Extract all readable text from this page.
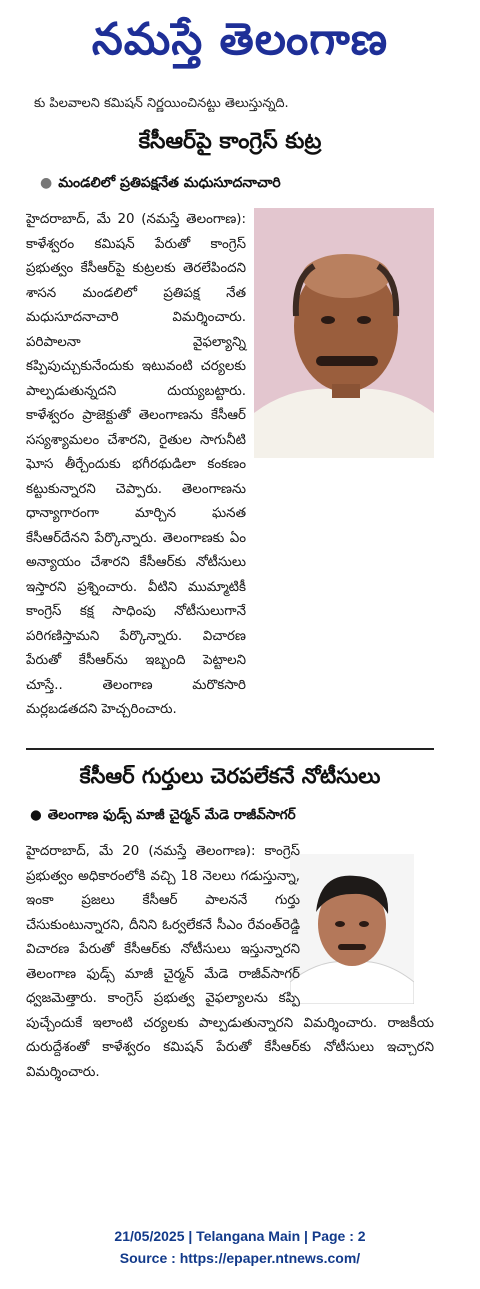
నమస్తే తెలంగాణ
కు పిలవాలని కమిషన్ నిర్ణయించినట్టు తెలుస్తున్నది.
కేసీఆర్‌పై కాంగ్రెస్ కుట్ర
● మండలిలో ప్రతిపక్షనేత మధుసూదనాచారి

హైదరాబాద్, మే 20 (నమస్తే తెలంగాణ): కాళేశ్వరం కమిషన్ పేరుతో కాంగ్రెస్ ప్రభుత్వం కేసీఆర్‌పై కుట్రలకు తెరలేపిందని శాసన మండలిలో ప్రతిపక్ష నేత మధుసూదనాచారి విమర్శించారు. పరిపాలనా వైఫల్యాన్ని కప్పిపుచ్చుకునేందుకు ఇటువంటి చర్యలకు పాల్పడుతున్నదని దుయ్యబట్టారు. కాళేశ్వరం ప్రాజెక్టుతో తెలంగాణను కేసీఆర్ సస్యశ్యామలం చేశారని, రైతుల సాగునీటి ఘోస తీర్చేందుకు భగీరథుడిలా కంకణం కట్టుకున్నారని చెప్పారు. తెలంగాణను ధాన్యాగారంగా మార్చిన ఘనత కేసీఆర్‌దేనని పేర్కొన్నారు. తెలంగాణకు ఏం అన్యాయం చేశారని కేసీఆర్‌కు నోటీసులు ఇస్తారని ప్రశ్నించారు. వీటిని ముమ్మాటికీ కాంగ్రెస్ కక్ష సాధింపు నోటీసులుగానే పరిగణిస్తామని పేర్కొన్నారు. విచారణ పేరుతో కేసీఆర్‌ను ఇబ్బంది పెట్టాలని చూస్తే.. తెలంగాణ మరొకసారి మర్లబడతదని హెచ్చరించారు.

కేసీఆర్ గుర్తులు చెరపలేకనే నోటీసులు
● తెలంగాణ ఫుడ్స్ మాజీ చైర్మన్ మేడె రాజీవ్‌సాగర్

హైదరాబాద్, మే 20 (నమస్తే తెలంగాణ): కాంగ్రెస్ ప్రభుత్వం అధికారంలోకి వచ్చి 18 నెలలు గడుస్తున్నా, ఇంకా ప్రజలు కేసీఆర్ పాలననే గుర్తు చేసుకుంటున్నారని, దీనిని ఓర్వలేకనే సీఎం రేవంత్‌రెడ్డి విచారణ పేరుతో కేసీఆర్‌కు నోటీసులు ఇస్తున్నారని తెలంగాణ ఫుడ్స్ మాజీ చైర్మన్ మేడె రాజీవ్‌సాగర్ ధ్వజమెత్తారు. కాంగ్రెస్ ప్రభుత్వ వైఫల్యాలను కప్పి పుచ్చేందుకే ఇలాంటి చర్యలకు పాల్పడుతున్నారని విమర్శించారు. రాజకీయ దురుద్దేశంతో కాళేశ్వరం కమిషన్ పేరుతో కేసీఆర్‌కు నోటీసులు ఇచ్చారని విమర్శించారు.

21/05/2025 | Telangana Main | Page : 2
Source : https://epaper.ntnews.com/
